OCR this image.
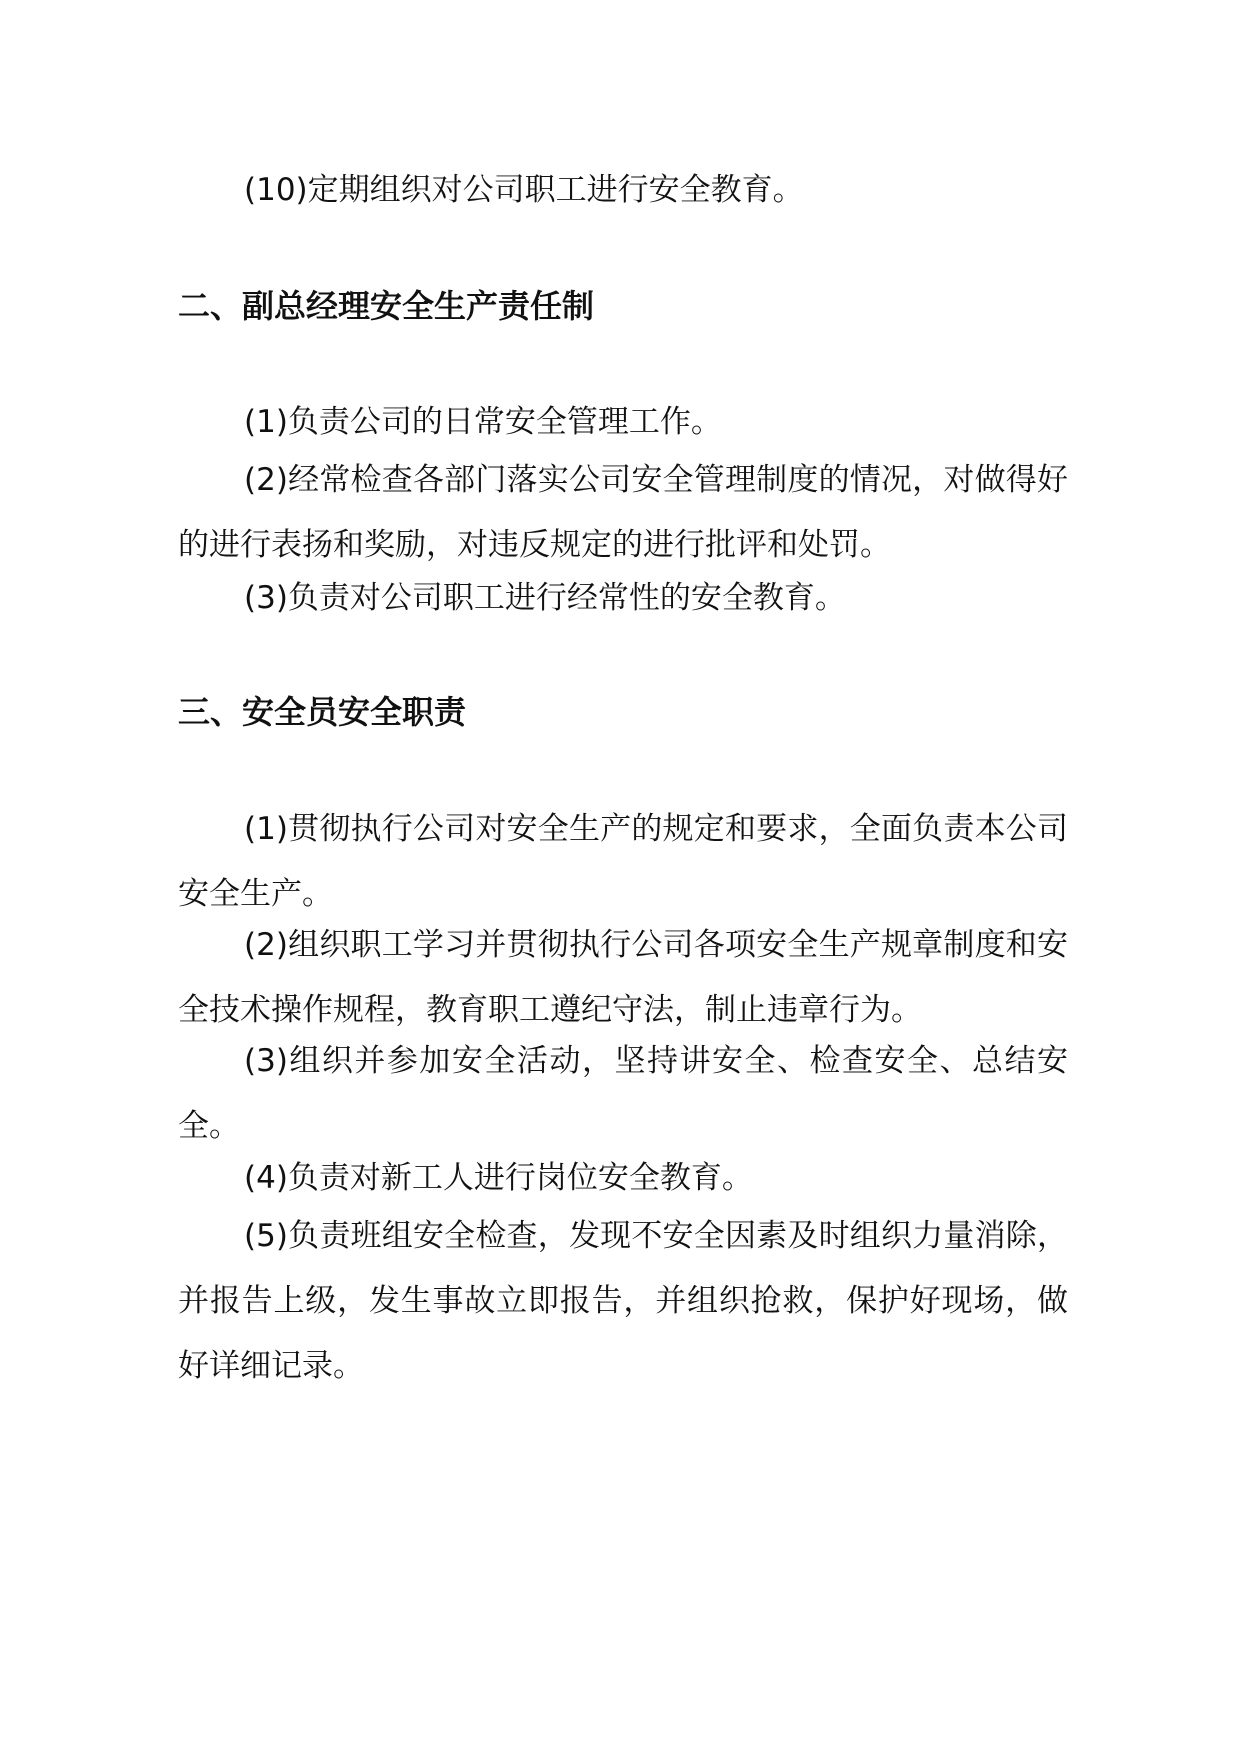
(10)定期组织对公司职工进行安全教育。

二、副总经理安全生产责任制

(1)负责公司的日常安全管理工作。

(2)经常检查各部门落实公司安全管理制度的情况，对做得好的进行表扬和奖励，对违反规定的进行批评和处罚。

(3)负责对公司职工进行经常性的安全教育。

三、安全员安全职责

(1)贯彻执行公司对安全生产的规定和要求，全面负责本公司安全生产。

(2)组织职工学习并贯彻执行公司各项安全生产规章制度和安全技术操作规程，教育职工遵纪守法，制止违章行为。

(3)组织并参加安全活动，坚持讲安全、检查安全、总结安全。

(4)负责对新工人进行岗位安全教育。

(5)负责班组安全检查，发现不安全因素及时组织力量消除，并报告上级，发生事故立即报告，并组织抢救，保护好现场，做好详细记录。
